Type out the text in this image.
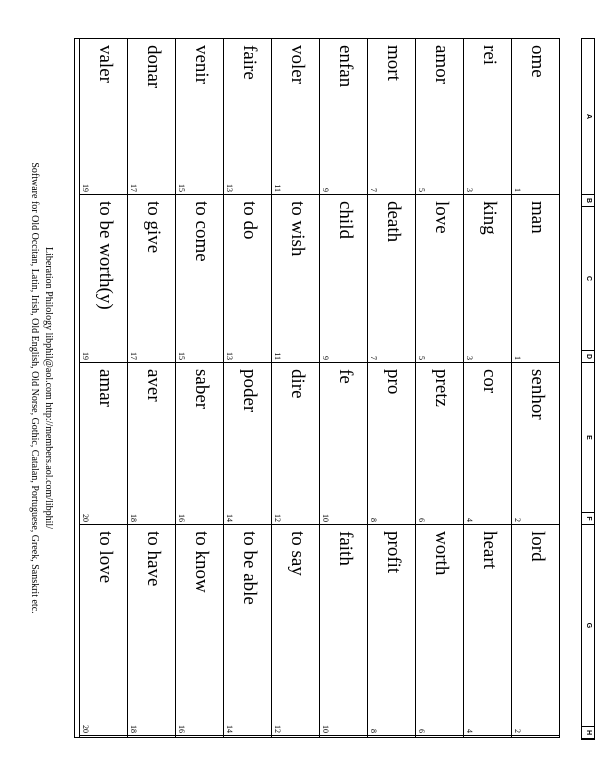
A
B
C
D
E
F
G
H
ome
1
man
1
senhor
2
lord
2
rei
3
king
3
cor
4
heart
4
amor
5
love
5
pretz
6
worth
6
mort
7
death
7
pro
8
profit
8
enfan
9
child
9
fe
10
faith
10
voler
11
to wish
11
dire
12
to say
12
faire
13
to do
13
poder
14
to be able
14
venir
15
to come
15
saber
16
to know
16
donar
17
to give
17
aver
18
to have
18
valer
19
to be worth(y)
19
amar
20
to love
20
Liberation Philology libphil@aol.com http://members.aol.com/libphil/
Software for Old Occitan, Latin, Irish, Old English, Old Norse, Gothic, Catalan, Portuguese, Greek, Sanskrit etc.
